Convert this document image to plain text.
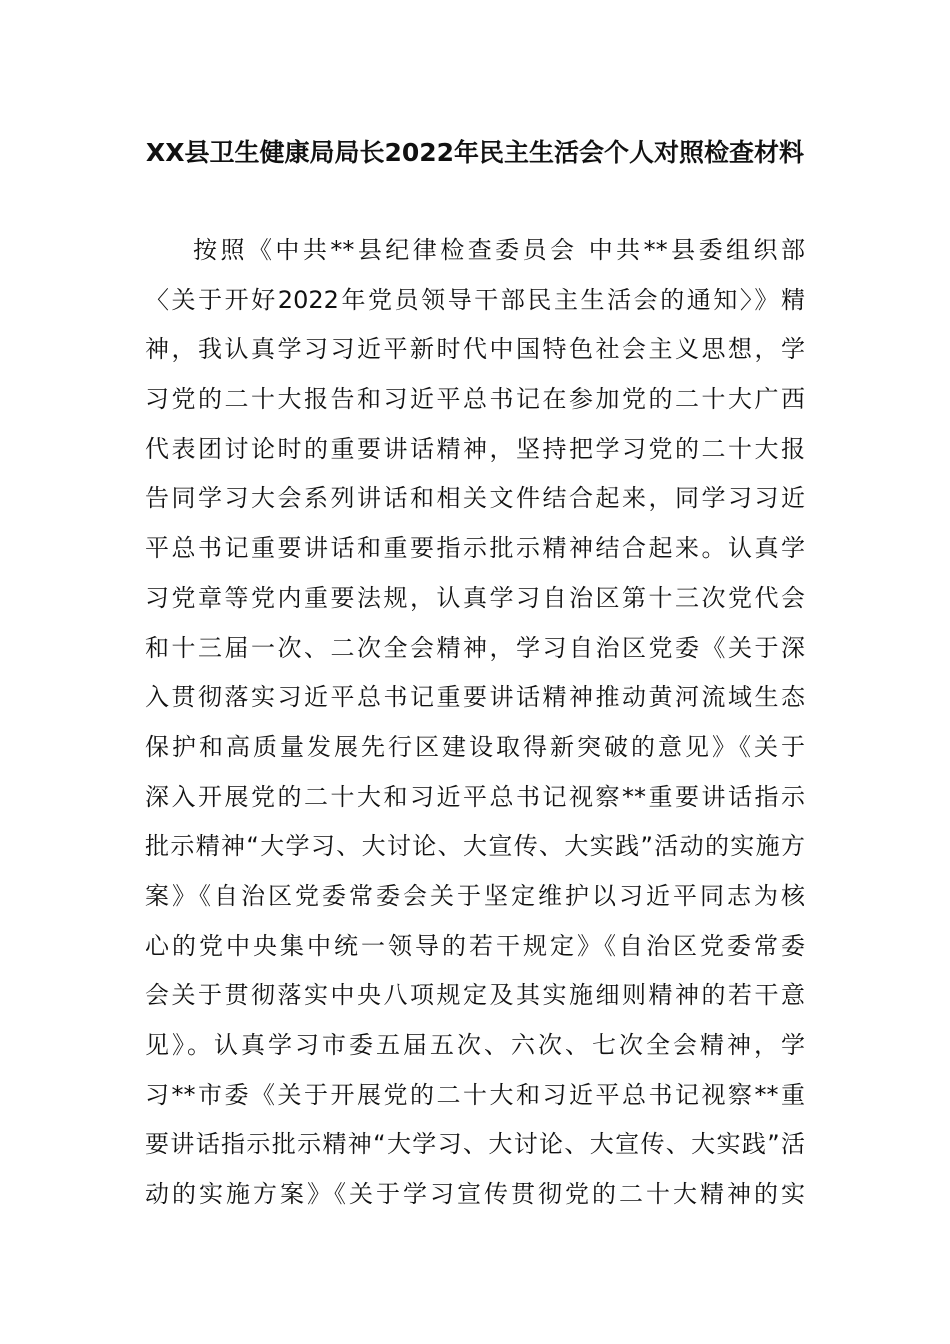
XX县卫生健康局局长2022年民主生活会个人对照检查材料
按照《中共**县纪律检查委员会 中共**县委组织部
〈关于开好2022年党员领导干部民主生活会的通知〉》精
神，我认真学习习近平新时代中国特色社会主义思想，学
习党的二十大报告和习近平总书记在参加党的二十大广西
代表团讨论时的重要讲话精神，坚持把学习党的二十大报
告同学习大会系列讲话和相关文件结合起来，同学习习近
平总书记重要讲话和重要指示批示精神结合起来。认真学
习党章等党内重要法规，认真学习自治区第十三次党代会
和十三届一次、二次全会精神，学习自治区党委《关于深
入贯彻落实习近平总书记重要讲话精神推动黄河流域生态
保护和高质量发展先行区建设取得新突破的意见》《关于
深入开展党的二十大和习近平总书记视察**重要讲话指示
批示精神“大学习、大讨论、大宣传、大实践”活动的实施方
案》《自治区党委常委会关于坚定维护以习近平同志为核
心的党中央集中统一领导的若干规定》《自治区党委常委
会关于贯彻落实中央八项规定及其实施细则精神的若干意
见》。认真学习市委五届五次、六次、七次全会精神，学
习**市委《关于开展党的二十大和习近平总书记视察**重
要讲话指示批示精神“大学习、大讨论、大宣传、大实践”活
动的实施方案》《关于学习宣传贯彻党的二十大精神的实
